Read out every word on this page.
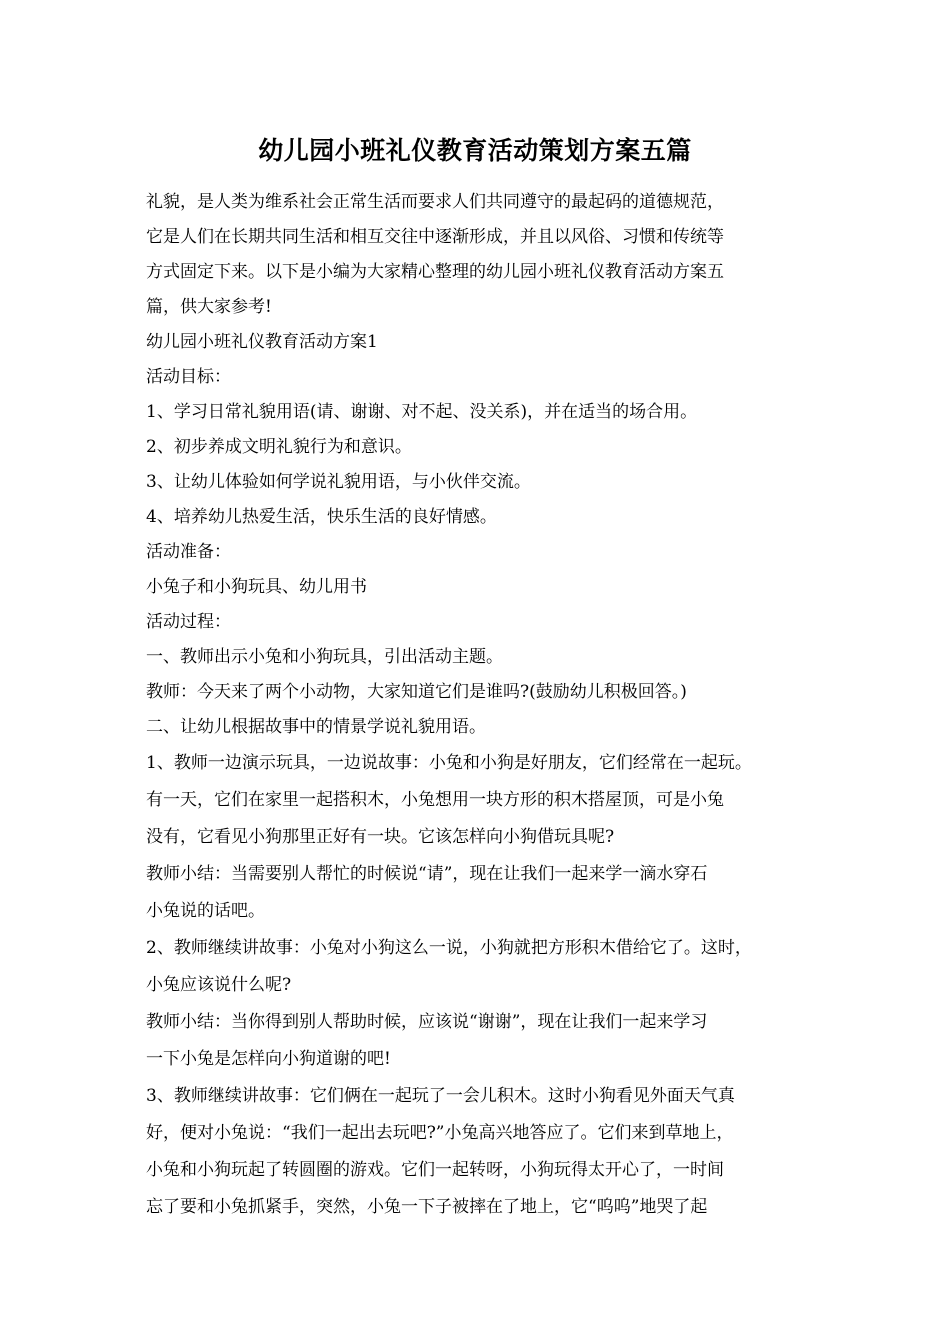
幼儿园小班礼仪教育活动策划方案五篇
礼貌，是人类为维系社会正常生活而要求人们共同遵守的最起码的道德规范，
它是人们在长期共同生活和相互交往中逐渐形成，并且以风俗、习惯和传统等
方式固定下来。以下是小编为大家精心整理的幼儿园小班礼仪教育活动方案五
篇，供大家参考!
幼儿园小班礼仪教育活动方案1
活动目标：
1、学习日常礼貌用语(请、谢谢、对不起、没关系)，并在适当的场合用。
2、初步养成文明礼貌行为和意识。
3、让幼儿体验如何学说礼貌用语，与小伙伴交流。
4、培养幼儿热爱生活，快乐生活的良好情感。
活动准备：
小兔子和小狗玩具、幼儿用书
活动过程：
一、教师出示小兔和小狗玩具，引出活动主题。
教师：今天来了两个小动物，大家知道它们是谁吗?(鼓励幼儿积极回答。)
二、让幼儿根据故事中的情景学说礼貌用语。
1、教师一边演示玩具，一边说故事：小兔和小狗是好朋友，它们经常在一起玩。
有一天，它们在家里一起搭积木，小兔想用一块方形的积木搭屋顶，可是小兔
没有，它看见小狗那里正好有一块。它该怎样向小狗借玩具呢?
教师小结：当需要别人帮忙的时候说“请”，现在让我们一起来学一滴水穿石
小兔说的话吧。
2、教师继续讲故事：小兔对小狗这么一说，小狗就把方形积木借给它了。这时，
小兔应该说什么呢?
教师小结：当你得到别人帮助时候，应该说“谢谢”，现在让我们一起来学习
一下小兔是怎样向小狗道谢的吧!
3、教师继续讲故事：它们俩在一起玩了一会儿积木。这时小狗看见外面天气真
好，便对小兔说：“我们一起出去玩吧?”小兔高兴地答应了。它们来到草地上，
小兔和小狗玩起了转圆圈的游戏。它们一起转呀，小狗玩得太开心了，一时间
忘了要和小兔抓紧手，突然，小兔一下子被摔在了地上，它“呜呜”地哭了起
